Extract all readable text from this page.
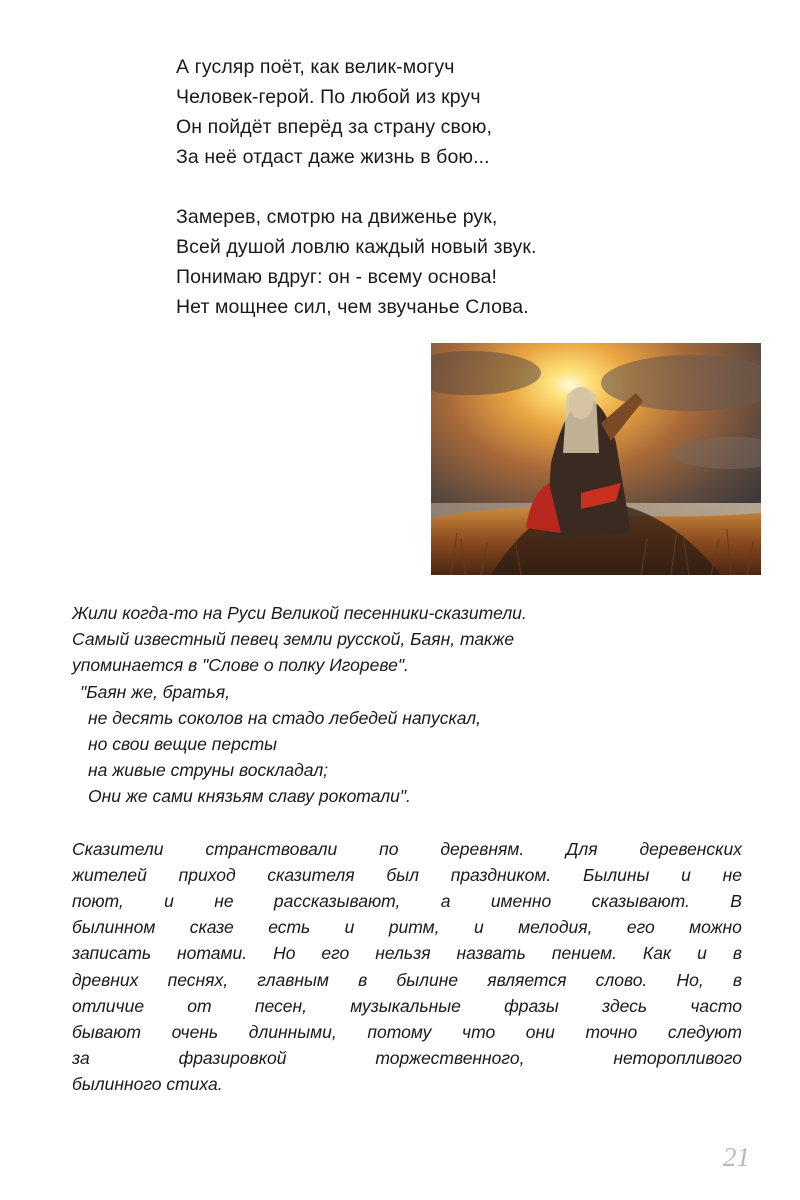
А гусляр поёт, как велик-могуч
Человек-герой. По любой из круч
Он пойдёт вперёд за страну свою,
За неё отдаст даже жизнь в бою...
Замерев, смотрю на движенье рук,
Всей душой ловлю каждый новый звук.
Понимаю вдруг: он - всему основа!
Нет мощнее сил, чем звучанье Слова.
Жили когда-то на Руси Великой песенники-сказители.
Самый известный певец земли русской, Баян, также
упоминается в "Слове о полку Игореве".
"Баян же, братья,
не десять соколов на стадо лебедей напускал,
но свои вещие персты
на живые струны воскладал;
Они же сами князьям славу рокотали".
Сказители странствовали по деревням. Для деревенских
жителей приход сказителя был праздником. Былины и не
поют, и не рассказывают, а именно сказывают. В
былинном сказе есть и ритм, и мелодия, его можно
записать нотами. Но его нельзя назвать пением. Как и в
древних песнях, главным в былине является слово. Но, в
отличие от песен, музыкальные фразы здесь часто
бывают очень длинными, потому что они точно следуют
за	фразировкой	торжественного,	неторопливого
былинного стиха.
21
